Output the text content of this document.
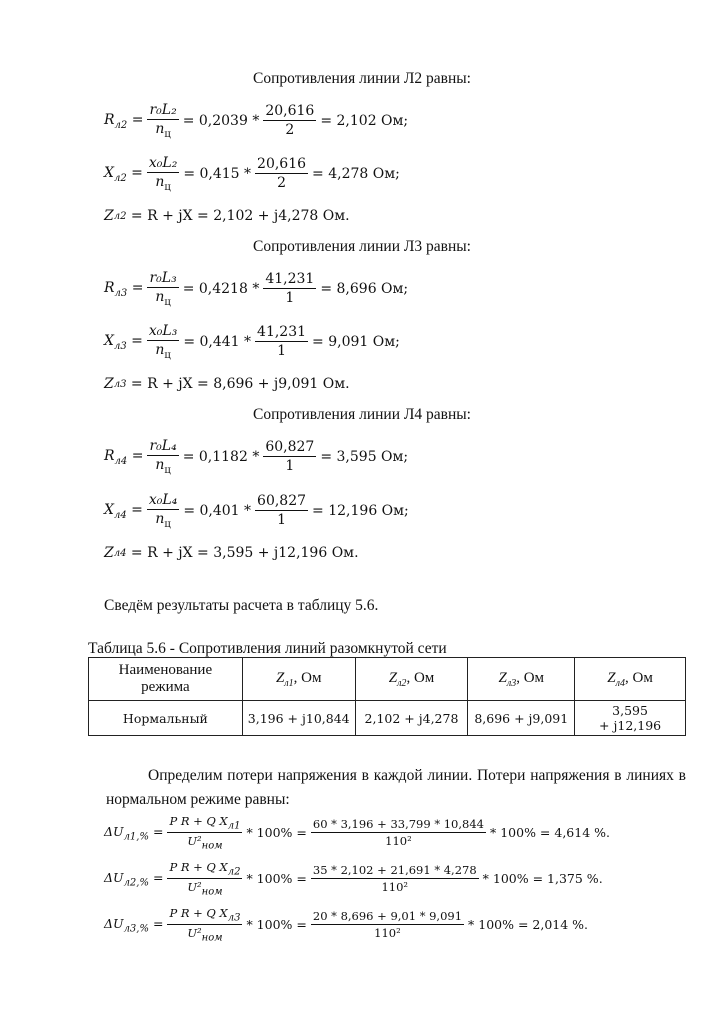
Сопротивления линии Л2 равны:
$R_{л2} = \frac{\text{r₀L₂}}{n_ц} = 0,2039 * \frac{20,616}{2} = 2,102$ Ом;
$X_{л2} = \frac{\text{x₀L₂}}{n_ц} = 0,415 * \frac{20,616}{2} = 4,278$ Ом;
Z л2
= R + jX = 2,102 + j4,278 Ом.
Сопротивления линии Л3 равны:
$R_{л3} = \frac{\text{r₀L₃}}{n_ц} = 0,4218 * \frac{41,231}{1} = 8,696$ Ом;
$X_{л3} = \frac{\text{x₀L₃}}{n_ц} = 0,441 * \frac{41,231}{1} = 9,091$ Ом;
Z л3
= R + jX = 8,696 + j9,091 Ом.
Сопротивления линии Л4 равны:
$R_{л4} = \frac{\text{r₀L₄}}{n_ц} = 0,1182 * \frac{60,827}{1} = 3,595$ Ом;
$X_{л4} = \frac{\text{x₀L₄}}{n_ц} = 0,401 * \frac{60,827}{1} = 12,196$ Ом;
Z л4
= R + jX = 3,595 + j12,196 Ом.
Сведём результаты расчета в таблицу 5.6.
Таблица 5.6 - Сопротивления линий разомкнутой сети
Наименование режима	$Z_{л1}$, Ом	$Z_{л2}$, Ом	$Z_{л3}$, Ом	$Z_{л4}$, Ом
Нормальный	3,196 + j10,844	2,102 + j4,278	8,696 + j9,091	3,595
+ j12,196
Определим потери напряжения в каждой линии. Потери напряжения в линиях в нормальном режиме равны:
$\Delta U_{л1,\%} = \frac{P R + Q X_{л1}}{U^2_{ном}} * 100\% = \frac{60 * 3,196 + 33,799 * 10,844}{\text{110²}} * 100\% = 4,614$ %.
$\Delta U_{л2,\%} = \frac{P R + Q X_{л2}}{U^2_{ном}} * 100\% = \frac{35 * 2,102 + 21,691 * 4,278}{\text{110²}} * 100\% = 1,375$ %.
$\Delta U_{л3,\%} = \frac{P R + Q X_{л3}}{U^2_{ном}} * 100\% = \frac{20 * 8,696 + 9,01 * 9,091}{\text{110²}} * 100\% = 2,014$ %.
